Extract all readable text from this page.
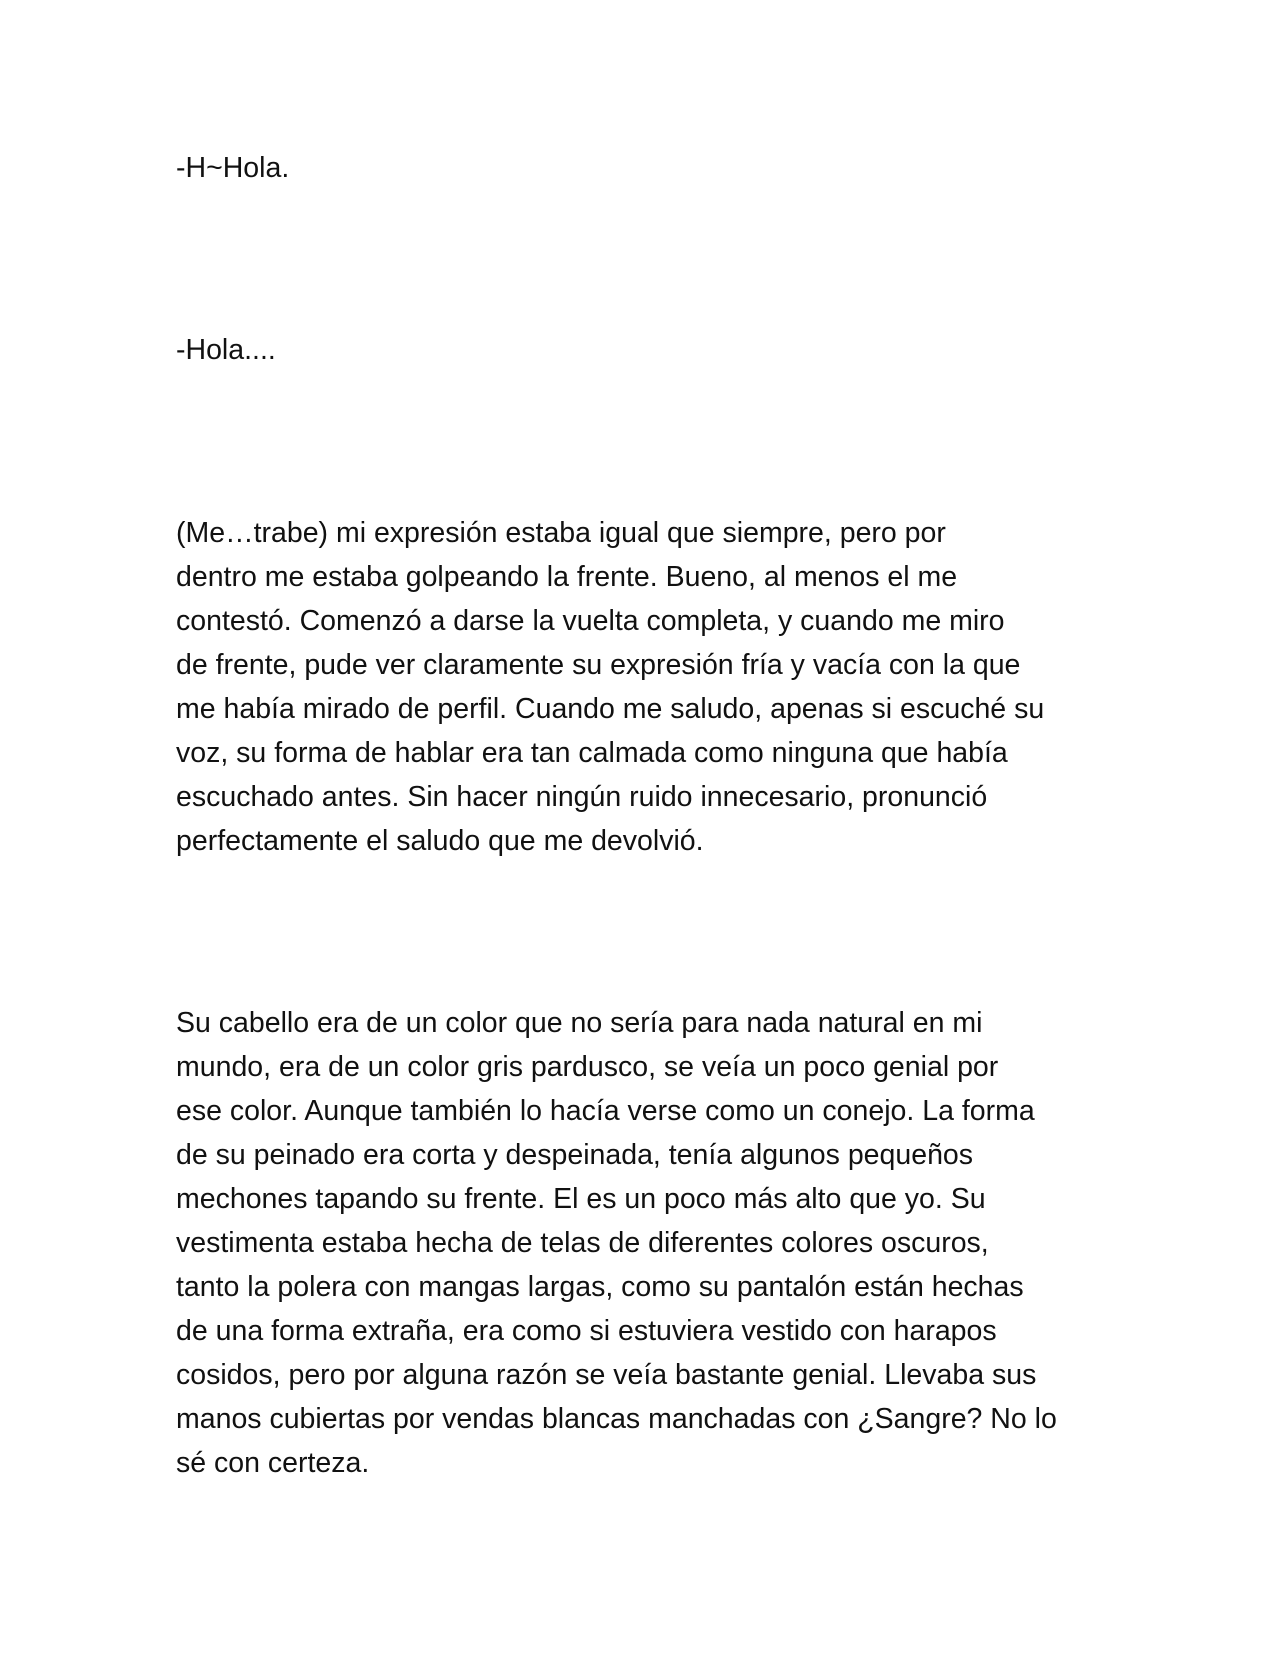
-H~Hola.
-Hola....
(Me…trabe) mi expresión estaba igual que siempre, pero por
dentro me estaba golpeando la frente. Bueno, al menos el me
contestó. Comenzó a darse la vuelta completa, y cuando me miro
de frente, pude ver claramente su expresión fría y vacía con la que
me había mirado de perfil. Cuando me saludo, apenas si escuché su
voz, su forma de hablar era tan calmada como ninguna que había
escuchado antes. Sin hacer ningún ruido innecesario, pronunció
perfectamente el saludo que me devolvió.
Su cabello era de un color que no sería para nada natural en mi
mundo, era de un color gris pardusco, se veía un poco genial por
ese color. Aunque también lo hacía verse como un conejo. La forma
de su peinado era corta y despeinada, tenía algunos pequeños
mechones tapando su frente. El es un poco más alto que yo. Su
vestimenta estaba hecha de telas de diferentes colores oscuros,
tanto la polera con mangas largas, como su pantalón están hechas
de una forma extraña, era como si estuviera vestido con harapos
cosidos, pero por alguna razón se veía bastante genial. Llevaba sus
manos cubiertas por vendas blancas manchadas con ¿Sangre? No lo
sé con certeza.
